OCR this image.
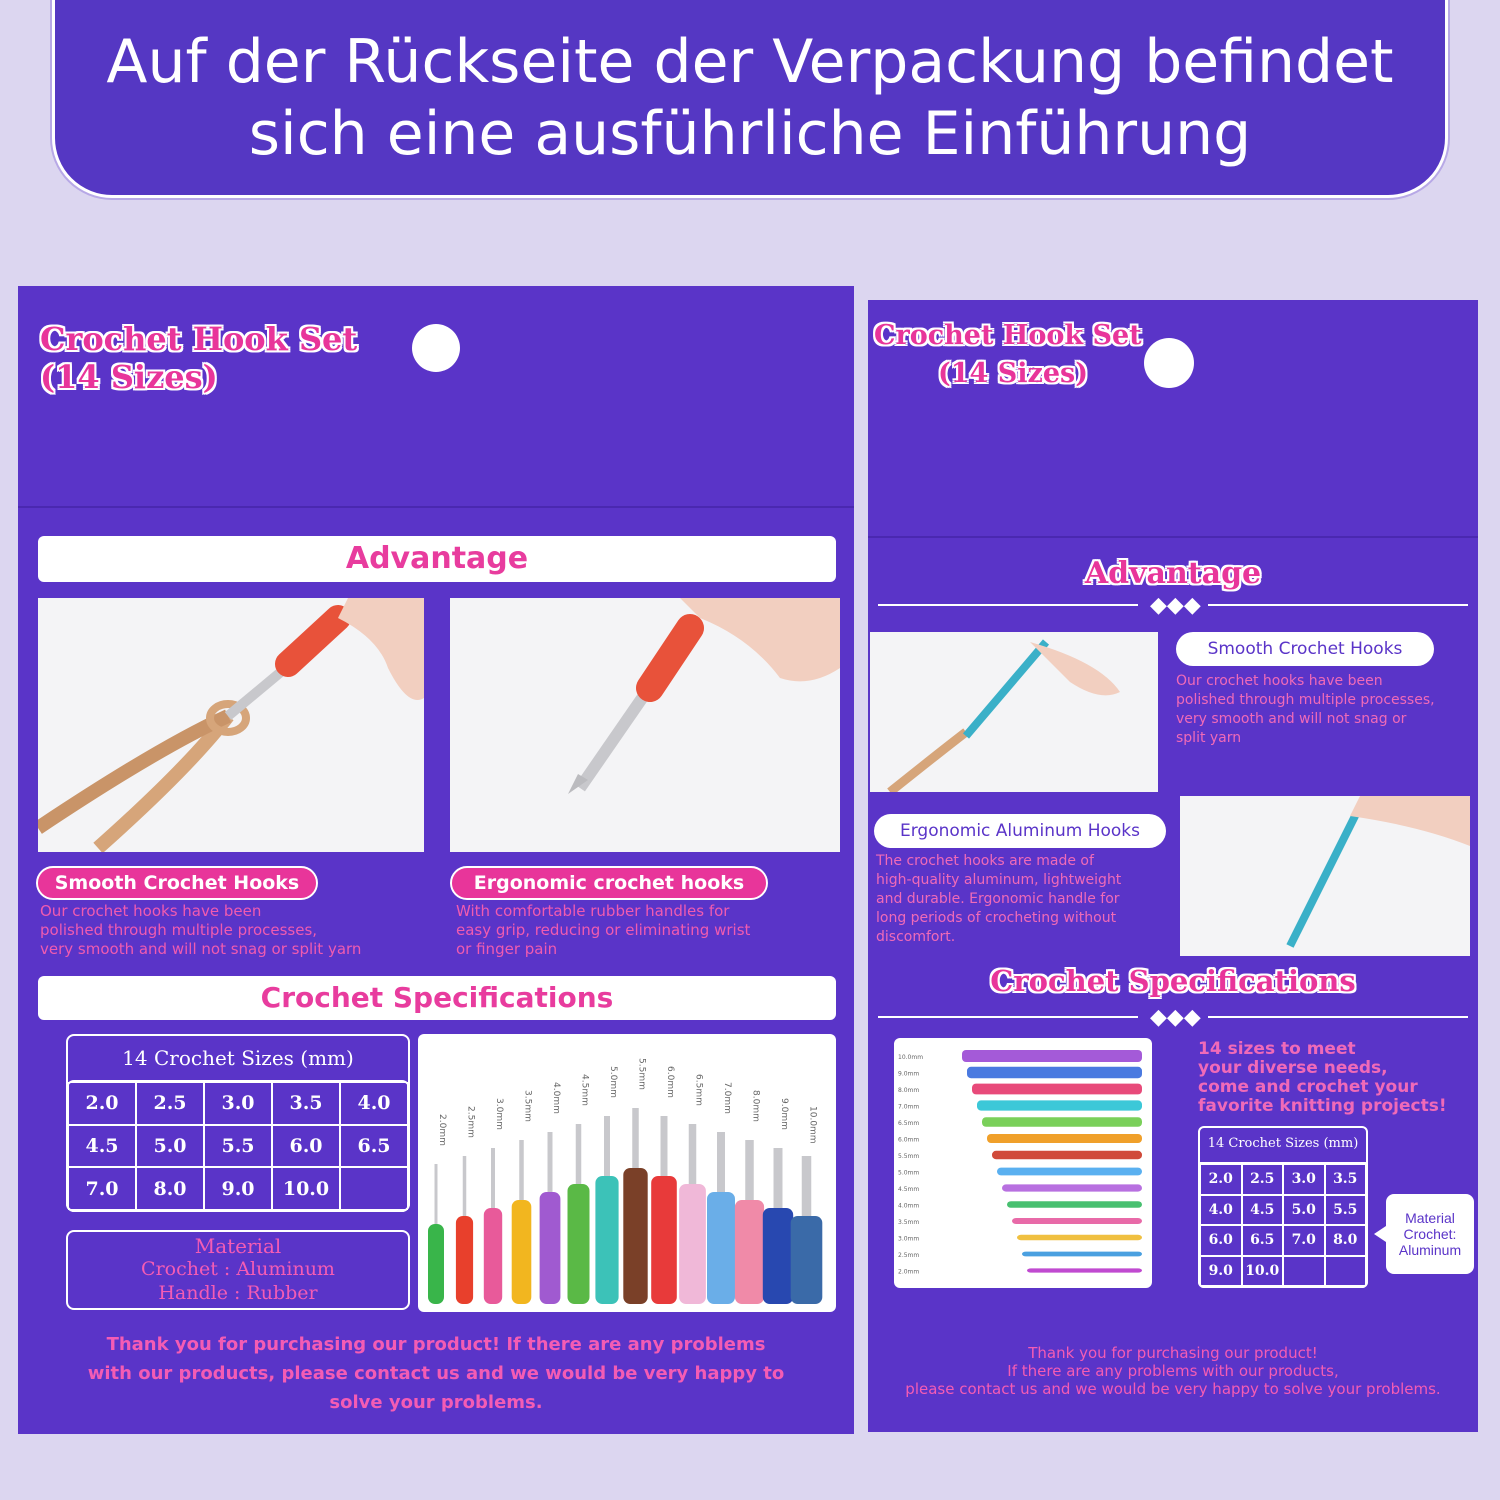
Auf der Rückseite der Verpackung befindet
sich eine ausführliche Einführung
Crochet Hook Set
(14 Sizes)
Advantage
Smooth Crochet Hooks
Our crochet hooks have been
polished through multiple processes,
very smooth and will not snag or split yarn
Ergonomic crochet hooks
With comfortable rubber handles for
easy grip, reducing or eliminating wrist
or finger pain
Crochet Specifications
14 Crochet Sizes (mm)
2.0	2.5	3.0	3.5	4.0
4.5	5.0	5.5	6.0	6.5
7.0	8.0	9.0	10.0
Material
Crochet : Aluminum
Handle : Rubber
2.0mm 2.5mm 3.0mm 3.5mm 4.0mm 4.5mm 5.0mm 5.5mm 6.0mm 6.5mm 7.0mm 8.0mm 9.0mm 10.0mm
Thank you for purchasing our product! If there are any problems
with our products, please contact us and we would be very happy to
solve your problems.
Crochet Hook Set
(14 Sizes)
Advantage
◆◆◆
Smooth Crochet Hooks
Our crochet hooks have been
polished through multiple processes,
very smooth and will not snag or
split yarn
Ergonomic Aluminum Hooks
The crochet hooks are made of
high-quality aluminum, lightweight
and durable. Ergonomic handle for
long periods of crocheting without
discomfort.
Crochet Specifications
◆◆◆
10.0mm
9.0mm
8.0mm
7.0mm
6.5mm
6.0mm
5.5mm
5.0mm
4.5mm
4.0mm
3.5mm
3.0mm
2.5mm
2.0mm
14 sizes to meet
your diverse needs,
come and crochet your
favorite knitting projects!
14 Crochet Sizes (mm)
2.0	2.5	3.0	3.5
4.0	4.5	5.0	5.5
6.0	6.5	7.0	8.0
9.0 10.0
Material
Crochet:
Aluminum
Thank you for purchasing our product!
If there are any problems with our products,
please contact us and we would be very happy to solve your problems.
